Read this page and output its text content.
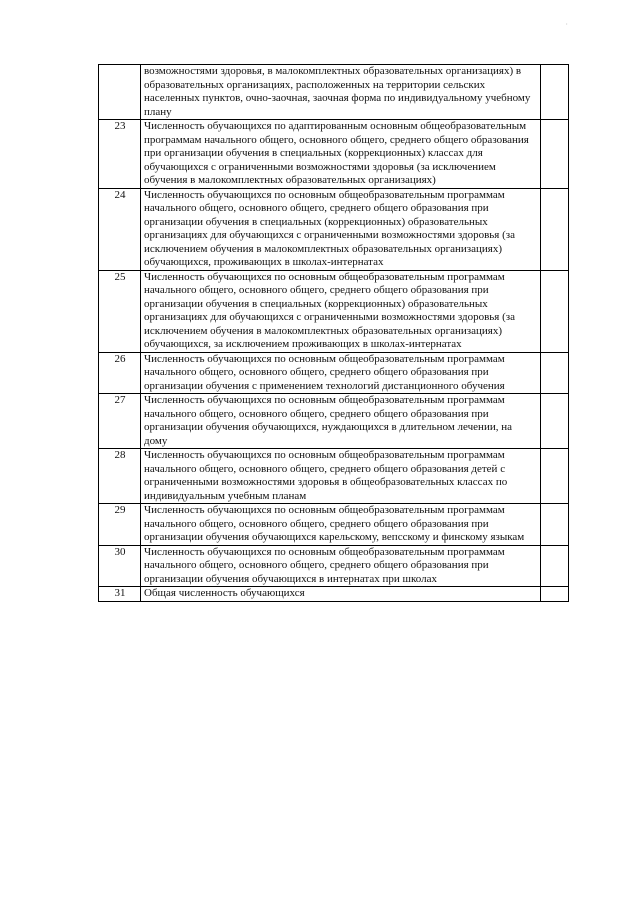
·
	возможностями здоровья, в малокомплектных образовательных организациях) в образовательных организациях, расположенных на территории сельских населенных пунктов, очно-заочная, заочная форма по индивидуальному учебному плану	
23	Численность обучающихся по адаптированным основным общеобразовательным программам начального общего, основного общего, среднего общего образования при организации обучения в специальных (коррекционных) классах для обучающихся с ограниченными возможностями здоровья (за исключением обучения в малокомплектных образовательных организациях)	
24	Численность обучающихся по основным общеобразовательным программам начального общего, основного общего, среднего общего образования при организации обучения в специальных (коррекционных) образовательных организациях для обучающихся с ограниченными возможностями здоровья (за исключением обучения в малокомплектных образовательных организациях) обучающихся, проживающих в школах-интернатах	
25	Численность обучающихся по основным общеобразовательным программам начального общего, основного общего, среднего общего образования при организации обучения в специальных (коррекционных) образовательных организациях для обучающихся с ограниченными возможностями здоровья (за исключением обучения в малокомплектных образовательных организациях) обучающихся, за исключением проживающих в школах-интернатах	
26	Численность обучающихся по основным общеобразовательным программам начального общего, основного общего, среднего общего образования при организации обучения с применением технологий дистанционного обучения	
27	Численность обучающихся по основным общеобразовательным программам начального общего, основного общего, среднего общего образования при организации обучения обучающихся, нуждающихся в длительном лечении, на дому	
28	Численность обучающихся по основным общеобразовательным программам начального общего, основного общего, среднего общего образования детей с ограниченными возможностями здоровья в общеобразовательных классах по индивидуальным учебным планам	
29	Численность обучающихся по основным общеобразовательным программам начального общего, основного общего, среднего общего образования при организации обучения обучающихся карельскому, вепсскому и финскому языкам	
30	Численность обучающихся по основным общеобразовательным программам начального общего, основного общего, среднего общего образования при организации обучения обучающихся в интернатах при школах	
31	Общая численность обучающихся	
